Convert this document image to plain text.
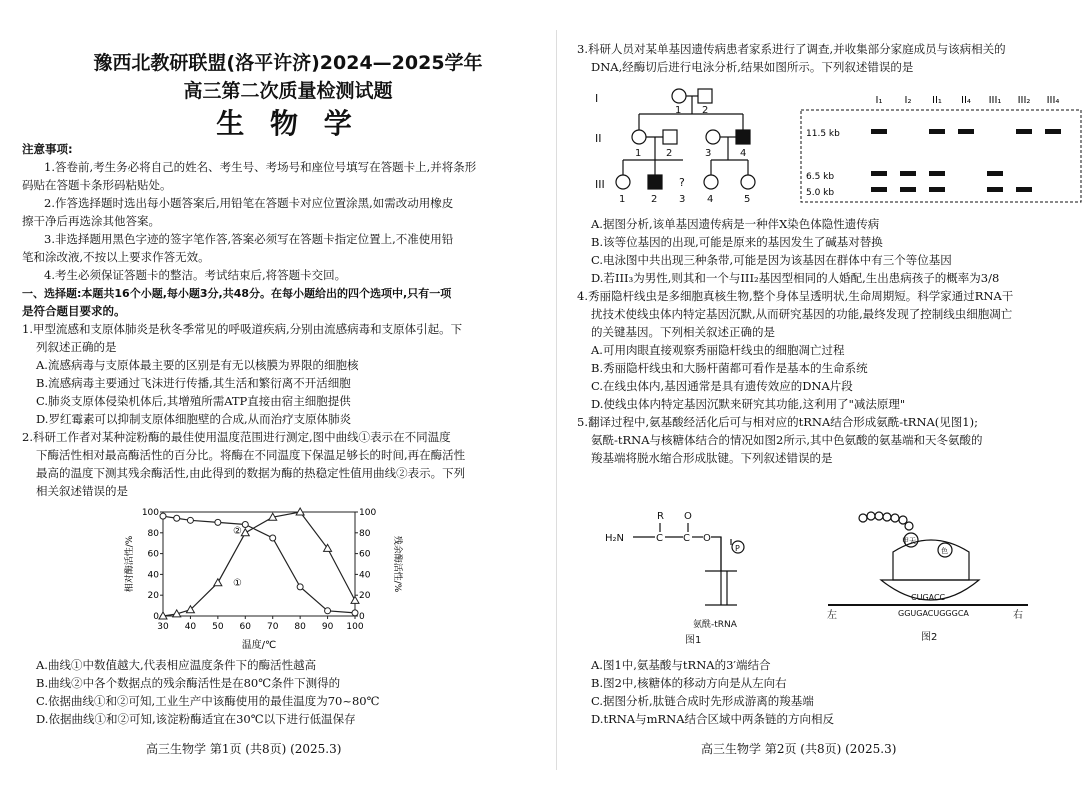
豫西北教研联盟(洛平许济)2024—2025学年
高三第二次质量检测试题
生 物 学
注意事项:
1.答卷前,考生务必将自己的姓名、考生号、考场号和座位号填写在答题卡上,并将条形
码贴在答题卡条形码粘贴处。
2.作答选择题时选出每小题答案后,用铅笔在答题卡对应位置涂黑,如需改动用橡皮
擦干净后再选涂其他答案。
3.非选择题用黑色字迹的签字笔作答,答案必须写在答题卡指定位置上,不准使用铅
笔和涂改液,不按以上要求作答无效。
4.考生必须保证答题卡的整洁。考试结束后,将答题卡交回。
一、选择题:本题共16个小题,每小题3分,共48分。在每小题给出的四个选项中,只有一项
是符合题目要求的。
1.甲型流感和支原体肺炎是秋冬季常见的呼吸道疾病,分别由流感病毒和支原体引起。下
列叙述正确的是
A.流感病毒与支原体最主要的区别是有无以核膜为界限的细胞核
B.流感病毒主要通过飞沫进行传播,其生活和繁衍离不开活细胞
C.肺炎支原体侵染机体后,其增殖所需ATP直接由宿主细胞提供
D.罗红霉素可以抑制支原体细胞壁的合成,从而治疗支原体肺炎
2.科研工作者对某种淀粉酶的最佳使用温度范围进行测定,图中曲线①表示在不同温度
下酶活性相对最高酶活性的百分比。将酶在不同温度下保温足够长的时间,再在酶活性
最高的温度下测其残余酶活性,由此得到的数据为酶的热稳定性值用曲线②表示。下列
相关叙述错误的是
0
20
40
60
80
100
0
20
40
60
80
100
30 40 50 60 70 80 90 100
相对酶活性/%	残余酶活性/%
温度/℃
①
②
A.曲线①中数值越大,代表相应温度条件下的酶活性越高
B.曲线②中各个数据点的残余酶活性是在80℃条件下测得的
C.依据曲线①和②可知,工业生产中该酶使用的最佳温度为70~80℃
D.依据曲线①和②可知,该淀粉酶适宜在30℃以下进行低温保存
高三生物学 第1页 (共8页) (2025.3)
3.科研人员对某单基因遗传病患者家系进行了调查,并收集部分家庭成员与该病相关的
DNA,经酶切后进行电泳分析,结果如图所示。下列叙述错误的是
I
II
III
1 2
1 2	3	4
1	2
?
3 4	5
I₁ I₂ II₁ II₄ III₁ III₂ III₄
11.5 kb
6.5 kb
5.0 kb
A.据图分析,该单基因遗传病是一种伴X染色体隐性遗传病
B.该等位基因的出现,可能是原来的基因发生了碱基对替换
C.电泳图中共出现三种条带,可能是因为该基因在群体中有三个等位基因
D.若III₃为男性,则其和一个与III₂基因型相同的人婚配,生出患病孩子的概率为3/8
4.秀丽隐杆线虫是多细胞真核生物,整个身体呈透明状,生命周期短。科学家通过RNA干
扰技术使线虫体内特定基因沉默,从而研究基因的功能,最终发现了控制线虫细胞凋亡
的关键基因。下列相关叙述正确的是
A.可用肉眼直接观察秀丽隐杆线虫的细胞凋亡过程
B.秀丽隐杆线虫和大肠杆菌都可看作是基本的生命系统
C.在线虫体内,基因通常是具有遗传效应的DNA片段
D.使线虫体内特定基因沉默来研究其功能,这利用了"减法原理"
5.翻译过程中,氨基酸经活化后可与相对应的tRNA结合形成氨酰-tRNA(见图1);
氨酰-tRNA与核糖体结合的情况如图2所示,其中色氨酸的氨基端和天冬氨酸的
羧基端将脱水缩合形成肽键。下列叙述错误的是
R
H₂N	C C
O
O
P
氨酰-tRNA
图1
甲天
色
CUGACC
GGUGACUGGGCA
左	右
图2
A.图1中,氨基酸与tRNA的3′端结合
B.图2中,核糖体的移动方向是从左向右
C.据图分析,肽链合成时先形成游离的羧基端
D.tRNA与mRNA结合区域中两条链的方向相反
高三生物学 第2页 (共8页) (2025.3)
